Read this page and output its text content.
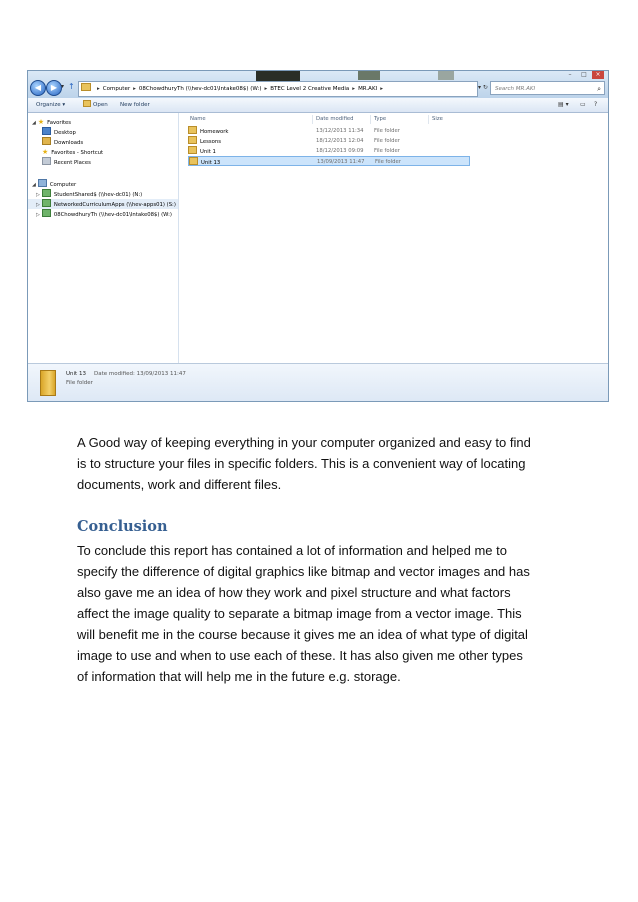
–	□	×
◀	▶ ▾ ↑	▸ Computer ▸ 08ChowdhuryTh (\\hev-dc01\Intake08$) (W:) ▸ BTEC Level 2 Creative Media ▸ MR.AKI ▸	▾ ↻	Search MR.AKI	⌕
Organize ▾	Open New folder	▤ ▾ ▭ ?
◢ ★ Favorites
Desktop
Downloads
★ Favorites - Shortcut
Recent Places
◢	Computer
▷	StudentShared$ (\\hev-dc01) (N:)
▷	NetworkedCurriculumApps (\\hev-apps01) (S:)
▷	08ChowdhuryTh (\\hev-dc01\Intake08$) (W:)
Name	Date modified	Type	Size
Homework	13/12/2013 11:34 File folder
Lessons	18/12/2013 12:04 File folder
Unit 1	18/12/2013 09:09 File folder
Unit 13	13/09/2013 11:47 File folder
Unit 13 Date modified: 13/09/2013 11:47
File folder
A Good way of keeping everything in your computer organized and easy to find
is to structure your files in specific folders. This is a convenient way of locating
documents, work and different files.
Conclusion
To conclude this report has contained a lot of information and helped me to
specify the difference of digital graphics like bitmap and vector images and has
also gave me an idea of how they work and pixel structure and what factors
affect the image quality to separate a bitmap image from a vector image. This
will benefit me in the course because it gives me an idea of what type of digital
image to use and when to use each of these. It has also given me other types
of information that will help me in the future e.g. storage.
